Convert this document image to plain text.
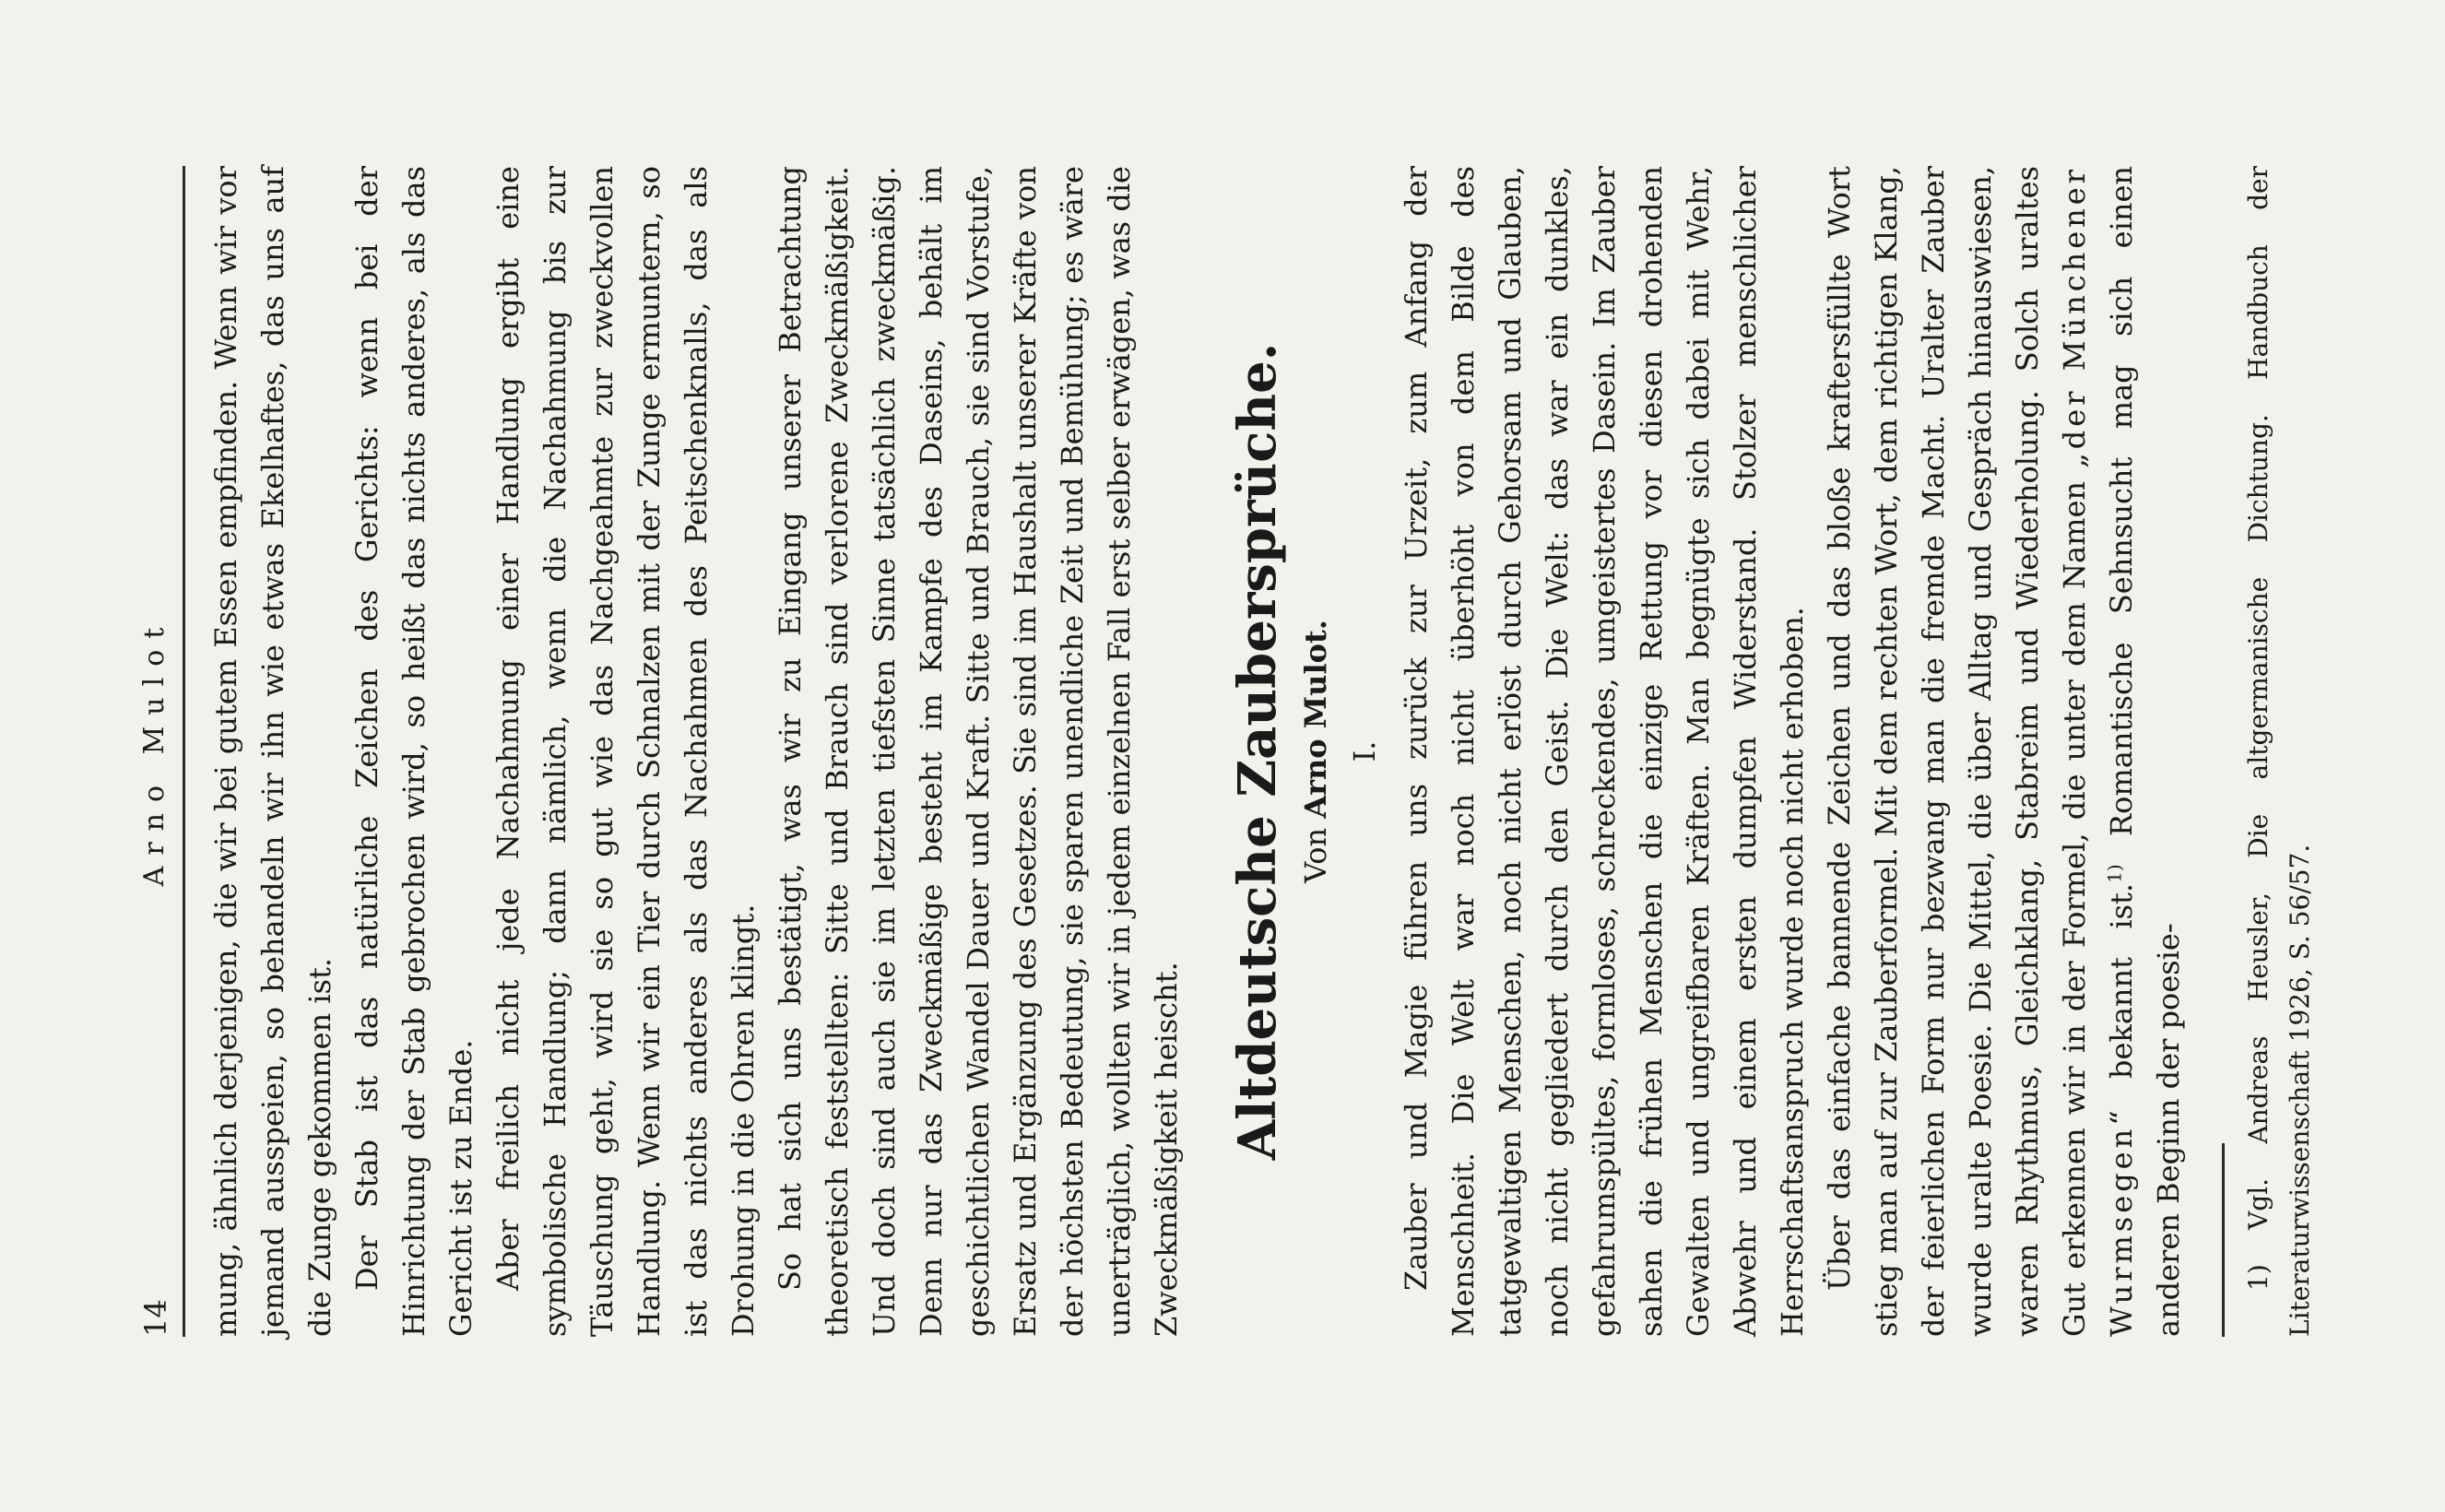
14
Arno Mulot mung, ähnlich derjenigen, die wir bei gutem Essen empfinden. Wenn wir vor jemand ausspeien, so behandeln wir ihn wie etwas Ekelhaftes, das uns auf die Zunge gekommen ist. Der Stab ist das natürliche Zeichen des Gerichts: wenn bei der Hinrichtung der Stab gebrochen wird, so heißt das nichts anderes, als das Gericht ist zu Ende. Aber freilich nicht jede Nachahmung einer Handlung ergibt eine symbolische Handlung; dann nämlich, wenn die Nachahmung bis zur Täuschung geht, wird sie so gut wie das Nachgeahmte zur zweckvollen Handlung. Wenn wir ein Tier durch Schnalzen mit der Zunge ermuntern, so ist das nichts anderes als das Nachahmen des Peitschenknalls, das als Drohung in die Ohren klingt. So hat sich uns bestätigt, was wir zu Eingang unserer Betrachtung theoretisch feststellten: Sitte und Brauch sind verlorene Zweckmäßigkeit. Und doch sind auch sie im letzten tiefsten Sinne tatsächlich zweckmäßig. Denn nur das Zweckmäßige besteht im Kampfe des Daseins, behält im geschichtlichen Wandel Dauer und Kraft. Sitte und Brauch, sie sind Vorstufe, Ersatz und Ergänzung des Gesetzes. Sie sind im Haushalt unserer Kräfte von der höchsten Bedeutung, sie sparen unendliche Zeit und Bemühung; es wäre unerträglich, wollten wir in jedem einzelnen Fall erst selber erwägen, was die Zweckmäßigkeit heischt. Altdeutsche Zaubersprüche. Von Arno Mulot. I. Zauber und Magie führen uns zurück zur Urzeit, zum Anfang der Menschheit. Die Welt war noch nicht überhöht von dem Bilde des tatgewaltigen Menschen, noch nicht erlöst durch Gehorsam und Glauben, noch nicht gegliedert durch den Geist. Die Welt: das war ein dunkles, gefahrumspültes, formloses, schreckendes, umgeistertes Dasein. Im Zauber sahen die frühen Menschen die einzige Rettung vor diesen drohenden Gewalten und ungreifbaren Kräften. Man begnügte sich dabei mit Wehr, Abwehr und einem ersten dumpfen Widerstand. Stolzer menschlicher Herrschaftsanspruch wurde noch nicht erhoben. Über das einfache bannende Zeichen und das bloße kraftersfüllte Wort stieg man auf zur Zauberformel. Mit dem rechten Wort, dem richtigen Klang, der feierlichen Form nur bezwang man die fremde Macht. Uralter Zauber wurde uralte Poesie. Die Mittel, die über Alltag und Gespräch hinauswiesen, waren Rhythmus, Gleichklang, Stabreim und Wiederholung. Solch uraltes Gut erkennen wir in der Formel, die unter dem Namen „der Münchener Wurmsegen“ bekannt ist.$^{1)}$ Romantische Sehnsucht mag sich einen anderen Beginn der poesie- 1) Vgl. Andreas Heusler, Die altgermanische Dichtung. Handbuch der Literaturwissenschaft 1926, S. 56/57.
